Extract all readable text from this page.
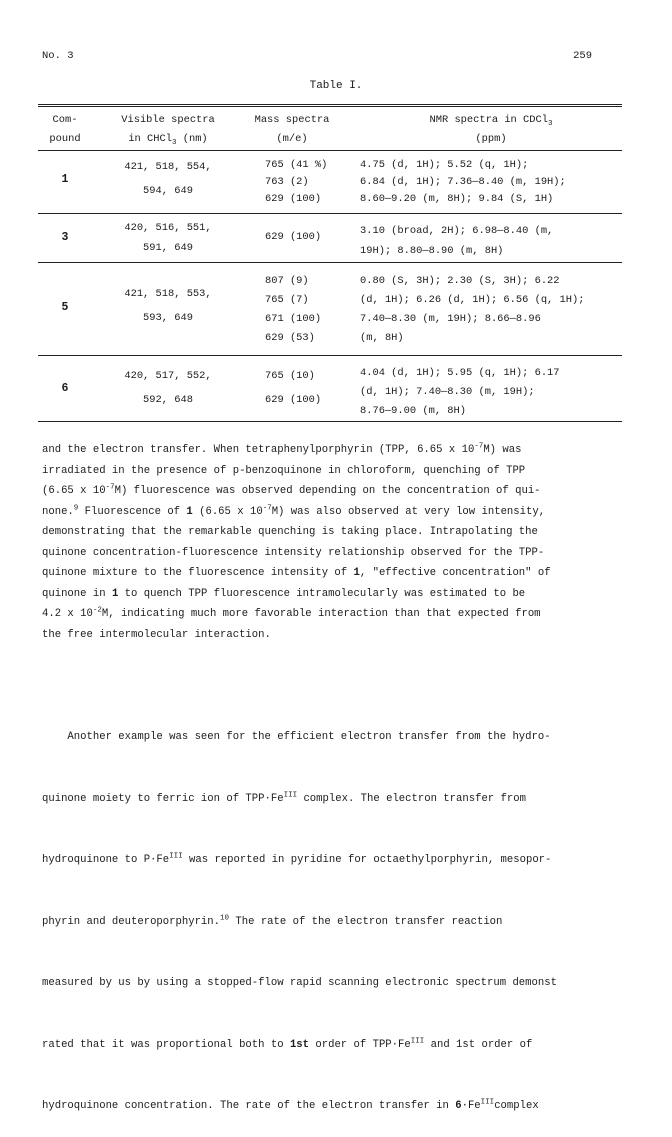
No. 3	259
Table I.
Com-
pound
Visible spectra
in CHCl$_3$ (nm)
Mass spectra
(m/e)
NMR spectra in CDCl$_3$
(ppm)
1
421, 518, 554,
594, 649
765 (41 %)
763 (2)
629 (100)
4.75 (d, 1H); 5.52 (q, 1H);
6.84 (d, 1H); 7.36—8.40 (m, 19H);
8.60—9.20 (m, 8H); 9.84 (S, 1H)
3
420, 516, 551,
591, 649
629 (100)	3.10 (broad, 2H); 6.98—8.40 (m,
19H); 8.80—8.90 (m, 8H)
5
421, 518, 553,
593, 649
807 (9)
765 (7)
671 (100)
629 (53)
0.80 (S, 3H); 2.30 (S, 3H); 6.22
(d, 1H); 6.26 (d, 1H); 6.56 (q, 1H);
7.40—8.30 (m, 19H); 8.66—8.96
(m, 8H)
6
420, 517, 552,
592, 648
765 (10)
629 (100)
4.04 (d, 1H); 5.95 (q, 1H); 6.17
(d, 1H); 7.40—8.30 (m, 19H);
8.76—9.00 (m, 8H)
and the electron transfer. When tetraphenylporphyrin (TPP, 6.65 x $10^{-7}M$) was
irradiated in the presence of p-benzoquinone in chloroform, quenching of TPP
(6.65 x $10^{-7}M$) fluorescence was observed depending on the concentration of qui-
none.$^9$ Fluorescence of 1 (6.65 x $10^{-7}M$) was also observed at very low intensity,
demonstrating that the remarkable quenching is taking place. Intrapolating the
quinone concentration-fluorescence intensity relationship observed for the TPP-
quinone mixture to the fluorescence intensity of 1, "effective concentration" of
quinone in 1 to quench TPP fluorescence intramolecularly was estimated to be
4.2 x $10^{-2}M$, indicating much more favorable interaction than that expected from
the free intermolecular interaction.

Another example was seen for the efficient electron transfer from the hydro-

quinone moiety to ferric ion of $TPP\cdot Fe^{III}$ complex. The electron transfer from

hydroquinone to $P\cdot Fe^{III}$ was reported in pyridine for octaethylporphyrin, mesopor-

phyrin and deuteroporphyrin.$^{10}$ The rate of the electron transfer reaction

measured by us by using a stopped-flow rapid scanning electronic spectrum demonst

rated that it was proportional both to 1st order of $TPP\cdot Fe^{III}$ and 1st order of

hydroquinone concentration. The rate of the electron transfer in $6\cdot Fe^{III}complex$
